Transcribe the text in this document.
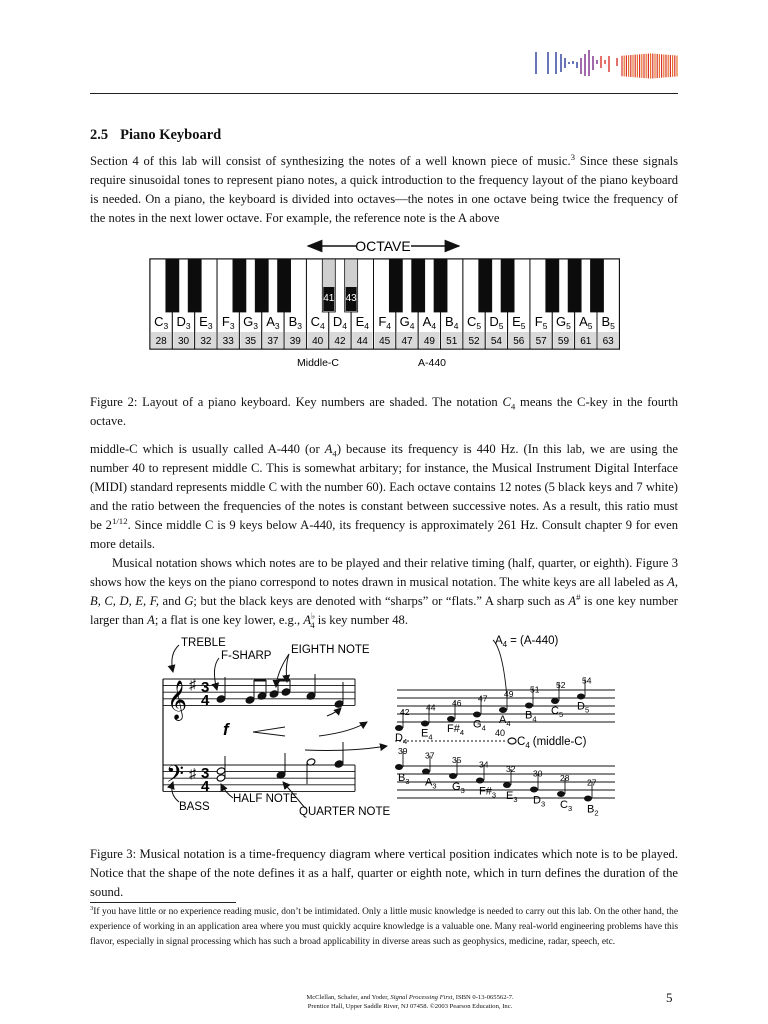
2.5 Piano Keyboard
Section 4 of this lab will consist of synthesizing the notes of a well known piece of music.$^3$ Since these signals require sinusoidal tones to represent piano notes, a quick introduction to the frequency layout of the piano keyboard is needed. On a piano, the keyboard is divided into octaves—the notes in one octave being twice the frequency of the notes in the next lower octave. For example, the reference note is the A above
OCTAVE
$C_3$
28
$D_3$
30
$E_3$
32
$F_3$
33
$G_3$
35
$A_3$
37
$B_3$
39
$C_4$
40
$D_4$
42
$E_4$
44
$F_4$
45
$G_4$
47
$A_4$
49
$B_4$
51
$C_5$
52
$D_5$
54
$E_5$
56
$F_5$
57
$G_5$
59
$A_5$
61
$B_5$
63
41 43
Middle-C	A-440
Figure 2: Layout of a piano keyboard. Key numbers are shaded. The notation $C_4$ means the C-key in the fourth octave.

middle-C which is usually called A-440 (or $A_4$) because its frequency is 440 Hz. (In this lab, we are using the number 40 to represent middle C. This is somewhat arbitary; for instance, the Musical Instrument Digital Interface (MIDI) standard represents middle C with the number 60). Each octave contains 12 notes (5 black keys and 7 white) and the ratio between the frequencies of the notes is constant between successive notes. As a result, this ratio must be $2^{1/12}$. Since middle C is 9 keys below A-440, its frequency is approximately 261 Hz. Consult chapter 9 for even more details.

Musical notation shows which notes are to be played and their relative timing (half, quarter, or eighth). Figure 3 shows how the keys on the piano correspond to notes drawn in musical notation. The white keys are all labeled as A, B, C, D, E, F, and G; but the black keys are denoted with “sharps” or “flats.” A sharp such as A# is one key number larger than A; a flat is one key lower, e.g., $A^♭_4$ is key number 48.

TREBLE
F-SHARP EIGHTH NOTE
BASS
HALF NOTE
QUARTER NOTE
f
𝄞
𝄢
♯
♯
3
4
3
4
42
$D_4$
44
$E_4$
46
$F\#_4$
47
$G_4$
49
$A_4$
51
$B_4$
52
$C_5$
54
$D_5$
39
$B_3$
37
$A_3$
35
$G_3$
34
$F\#_3$
32
$E_3$
30
$D_3$
28
$C_3$
27
$B_2$
$A_4 = (A-440)$
$C_4$ (middle-C)
40
Figure 3: Musical notation is a time-frequency diagram where vertical position indicates which note is to be played. Notice that the shape of the note defines it as a half, quarter or eighth note, which in turn defines the duration of the sound.
$^3$If you have little or no experience reading music, don’t be intimidated. Only a little music knowledge is needed to carry out this lab. On the other hand, the experience of working in an application area where you must quickly acquire knowledge is a valuable one. Many real-world engineering problems have this flavor, especially in signal processing which has such a broad applicability in diverse areas such as geophysics, medicine, radar, speech, etc.
McClellan, Schafer, and Yoder, Signal Processing First, ISBN 0-13-065562-7.
Prentice Hall, Upper Saddle River, NJ 07458. ©2003 Pearson Education, Inc.
5
